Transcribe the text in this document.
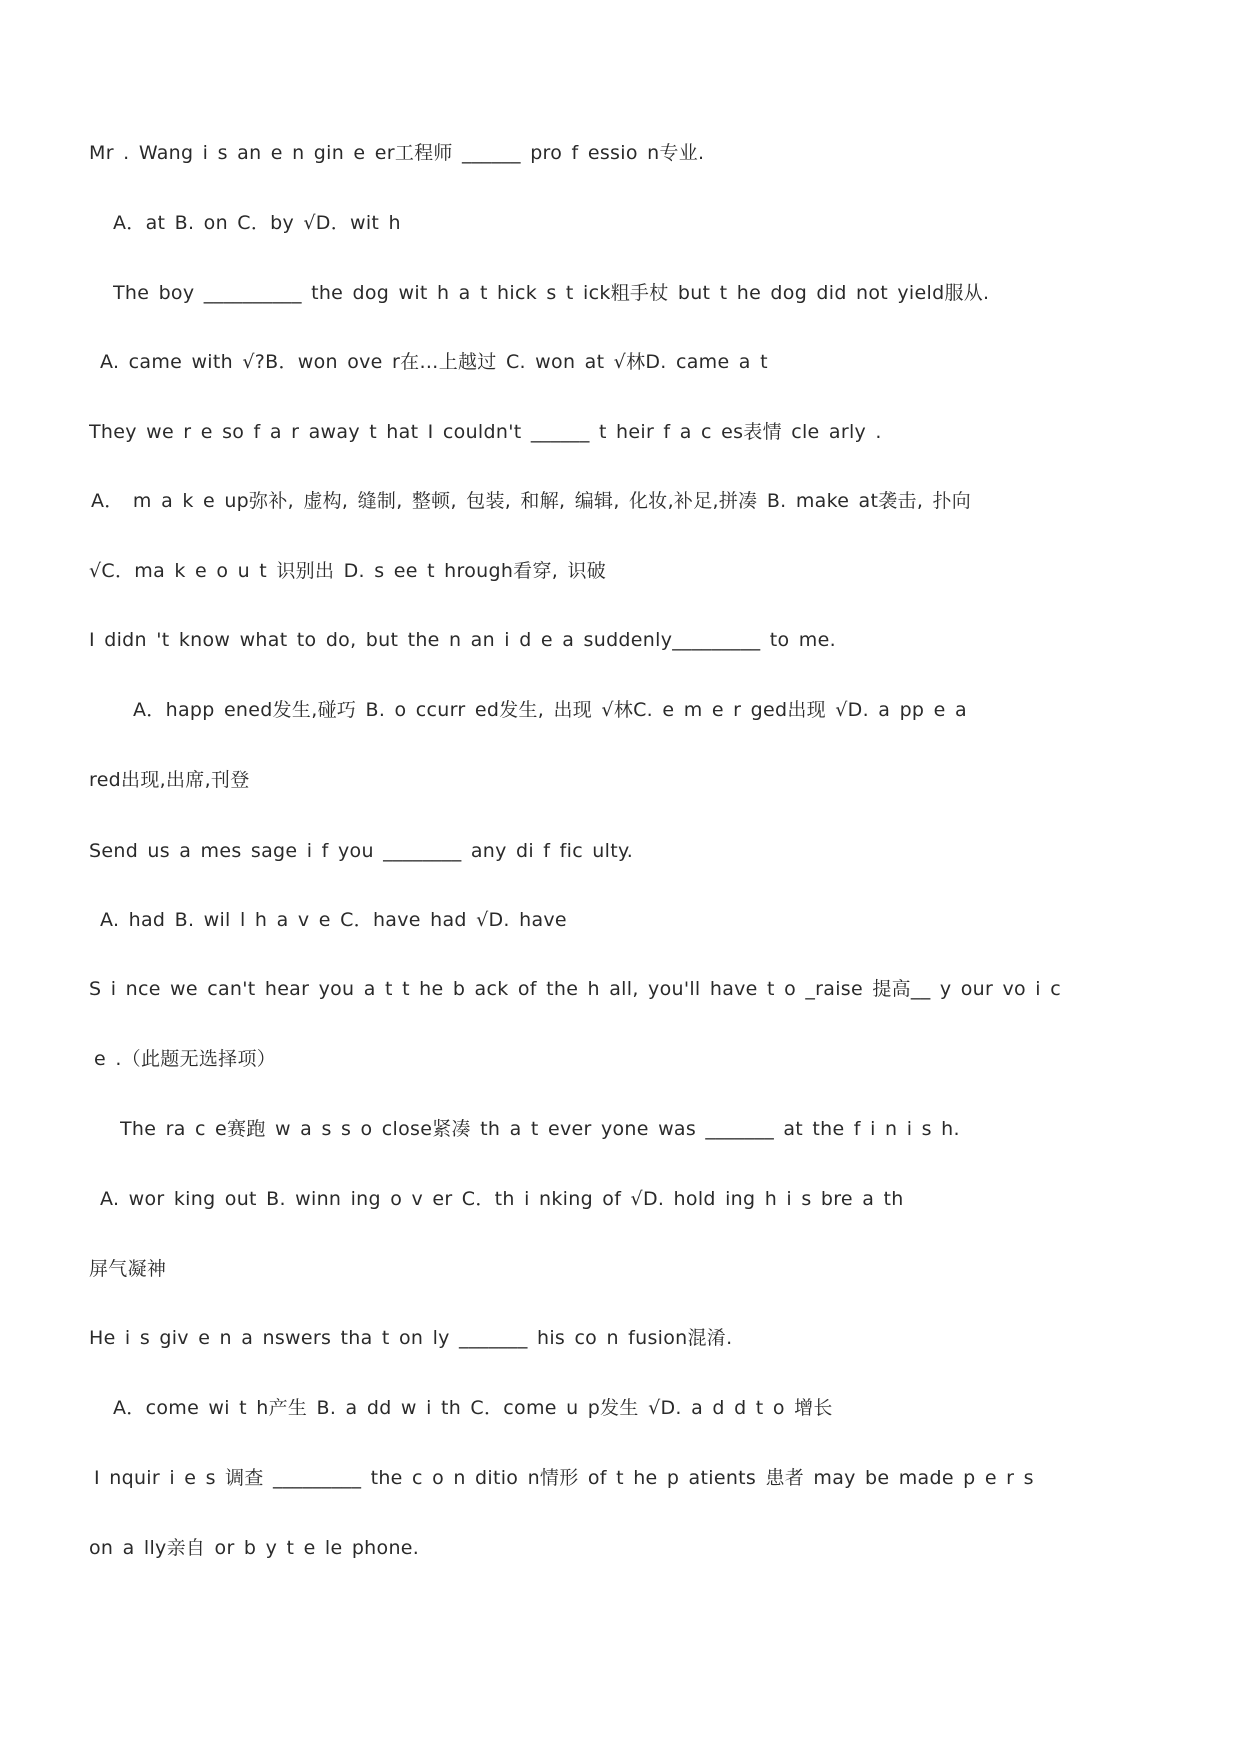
Mr . Wang i s an e n gin e er工程师 ______ pro f essio n专业.
A．at B. on C．by √D．wit h
The boy __________ the dog wit h a t hick s t ick粗手杖 but t he dog did not yield服从.
A. came with √?B．won ove r在…上越过 C. won at √林D. came a t
They we r e so f a r away t hat I couldn't ______ t heir f a c es表情 cle arly .
A． m a k e up弥补, 虚构, 缝制, 整顿, 包装, 和解, 编辑, 化妆,补足,拼凑 B. make at袭击, 扑向
√C．ma k e o u t 识别出 D. s ee t hrough看穿, 识破
I didn 't know what to do, but the n an i d e a suddenly_________ to me.
A．happ ened发生,碰巧 B. o ccurr ed发生, 出现 √林C. e m e r ged出现 √D. a pp e a
red出现,出席,刊登
Send us a mes sage i f you ________ any di f fic ulty.
A. had B. wil l h a v e C．have had √D. have
S i nce we can't hear you a t t he b ack of the h all, you'll have t o _raise 提高__ y our vo i c
e .（此题无选择项）
The ra c e赛跑 w a s s o close紧凑 th a t ever yone was _______ at the f i n i s h.
A. wor king out B. winn ing o v er C．th i nking of √D. hold ing h i s bre a th
屏气凝神
He i s giv e n a nswers tha t on ly _______ his co n fusion混淆.
A．come wi t h产生 B. a dd w i th C．come u p发生 √D. a d d t o 增长
I nquir i e s 调查 _________ the c o n ditio n情形 of t he p atients 患者 may be made p e r s
on a lly亲自 or b y t e le phone.
